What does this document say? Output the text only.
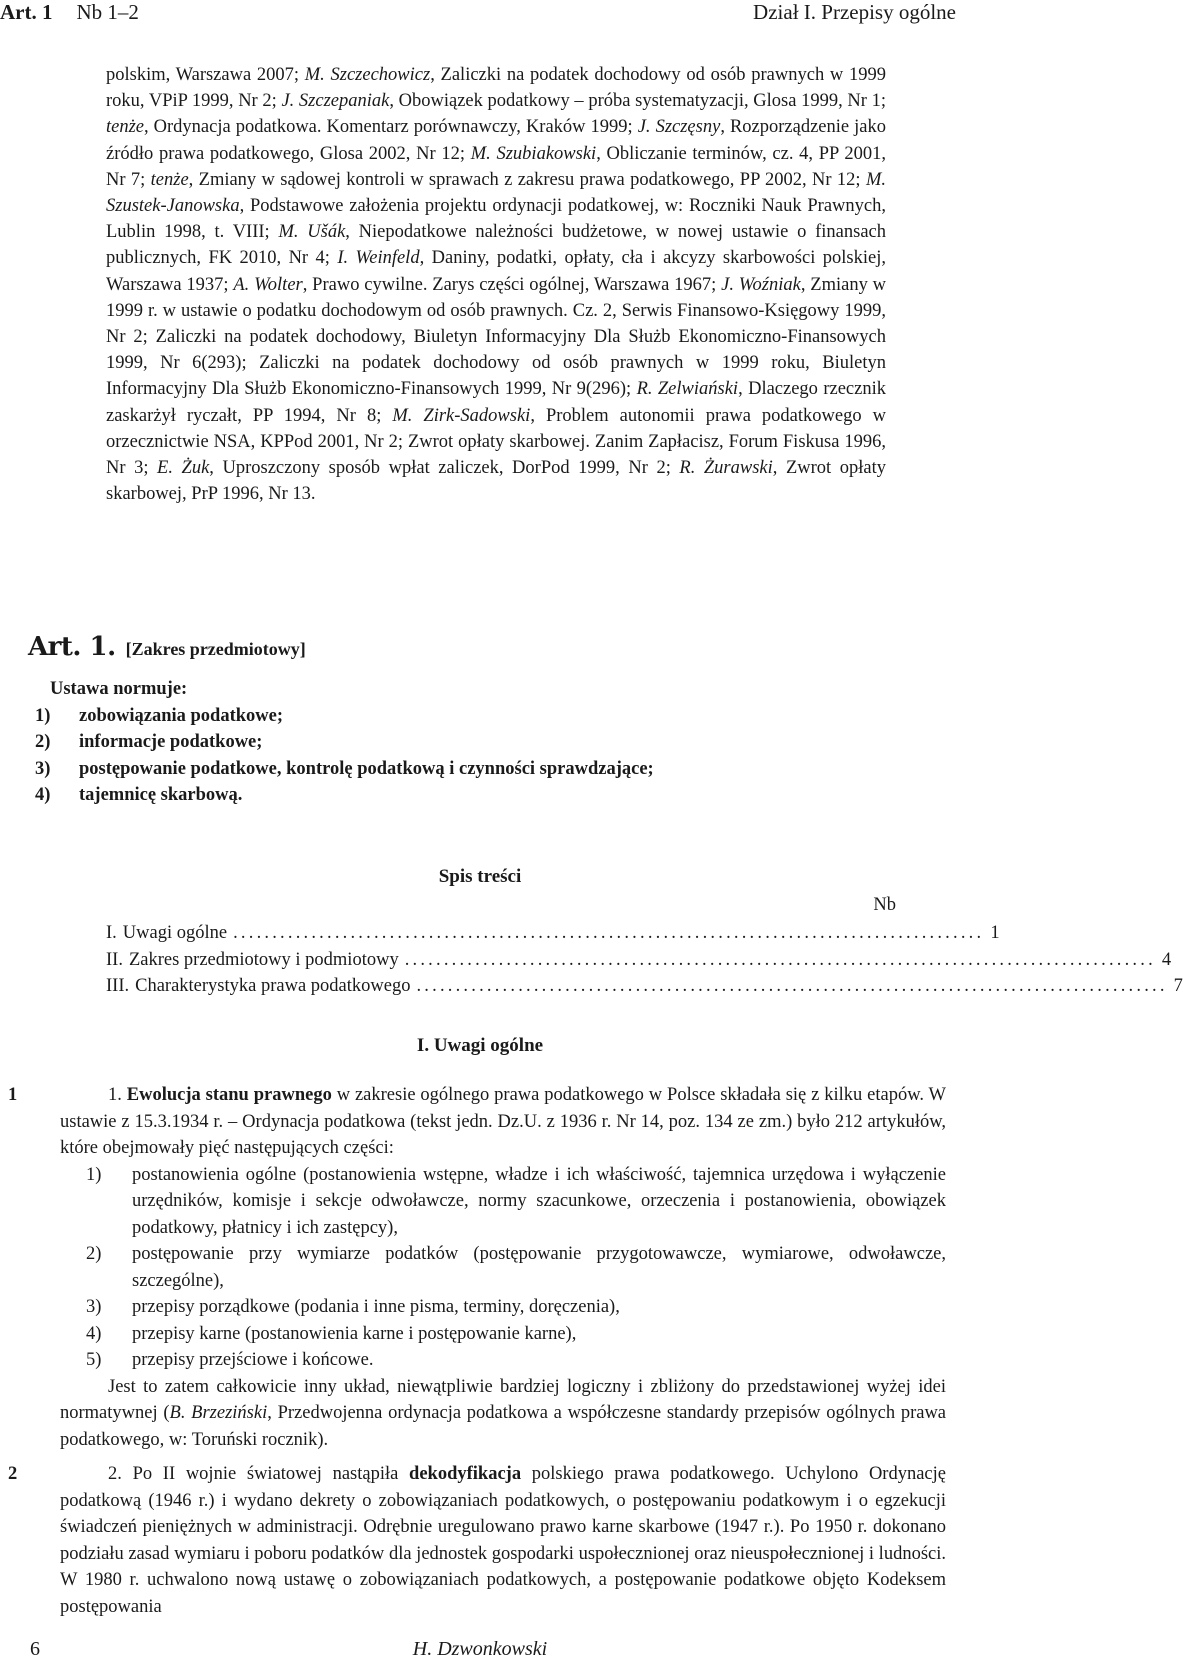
Art. 1 Nb 1–2	Dział I. Przepisy ogólne

polskim, Warszawa 2007; M. Szczechowicz, Zaliczki na podatek dochodowy od osób prawnych w 1999 roku, VPiP 1999, Nr 2; J. Szczepaniak, Obowiązek podatkowy – próba systematyzacji, Glosa 1999, Nr 1; tenże, Ordynacja podatkowa. Komentarz porównawczy, Kraków 1999; J. Szczęsny, Rozporządzenie jako źródło prawa podatkowego, Glosa 2002, Nr 12; M. Szubiakowski, Obliczanie terminów, cz. 4, PP 2001, Nr 7; tenże, Zmiany w sądowej kontroli w sprawach z zakresu prawa podatkowego, PP 2002, Nr 12; M. Szustek-Janowska, Podstawowe założenia projektu ordynacji podatkowej, w: Roczniki Nauk Prawnych, Lublin 1998, t. VIII; M. Ušák, Niepodatkowe należności budżetowe, w nowej ustawie o finansach publicznych, FK 2010, Nr 4; I. Weinfeld, Daniny, podatki, opłaty, cła i akcyzy skarbowości polskiej, Warszawa 1937; A. Wolter, Prawo cywilne. Zarys części ogólnej, Warszawa 1967; J. Woźniak, Zmiany w 1999 r. w ustawie o podatku dochodowym od osób prawnych. Cz. 2, Serwis Finansowo-Księgowy 1999, Nr 2; Zaliczki na podatek dochodowy, Biuletyn Informacyjny Dla Służb Ekonomiczno-Finansowych 1999, Nr 6(293); Zaliczki na podatek dochodowy od osób prawnych w 1999 roku, Biuletyn Informacyjny Dla Służb Ekonomiczno-Finansowych 1999, Nr 9(296); R. Zelwiański, Dlaczego rzecznik zaskarżył ryczałt, PP 1994, Nr 8; M. Zirk-Sadowski, Problem autonomii prawa podatkowego w orzecznictwie NSA, KPPod 2001, Nr 2; Zwrot opłaty skarbowej. Zanim Zapłacisz, Forum Fiskusa 1996, Nr 3; E. Żuk, Uproszczony sposób wpłat zaliczek, DorPod 1999, Nr 2; R. Żurawski, Zwrot opłaty skarbowej, PrP 1996, Nr 13.

Art. 1. [Zakres przedmiotowy]
Ustawa normuje:
1)	zobowiązania podatkowe;
2)	informacje podatkowe;
3)	postępowanie podatkowe, kontrolę podatkową i czynności sprawdzające;
4)	tajemnicę skarbową.
Spis treści
Nb
I. Uwagi ogólne ................................................................................................ 1
II. Zakres przedmiotowy i podmiotowy ................................................................................................ 4
III. Charakterystyka prawa podatkowego ................................................................................................ 7
I. Uwagi ogólne
1	1. Ewolucja stanu prawnego w zakresie ogólnego prawa podatkowego w Polsce składała się z kilku etapów. W ustawie z 15.3.1934 r. – Ordynacja podatkowa (tekst jedn. Dz.U. z 1936 r. Nr 14, poz. 134 ze zm.) było 212 artykułów, które obejmowały pięć następujących części:

1)	postanowienia ogólne (postanowienia wstępne, władze i ich właściwość, tajemnica urzędowa i wyłączenie urzędników, komisje i sekcje odwoławcze, normy szacunkowe, orzeczenia i postanowienia, obowiązek podatkowy, płatnicy i ich zastępcy),
2)	postępowanie przy wymiarze podatków (postępowanie przygotowawcze, wymiarowe, odwoławcze, szczególne),
3)	przepisy porządkowe (podania i inne pisma, terminy, doręczenia),
4)	przepisy karne (postanowienia karne i postępowanie karne),
5)	przepisy przejściowe i końcowe.

Jest to zatem całkowicie inny układ, niewątpliwie bardziej logiczny i zbliżony do przedstawionej wyżej idei normatywnej (B. Brzeziński, Przedwojenna ordynacja podatkowa a współczesne standardy przepisów ogólnych prawa podatkowego, w: Toruński rocznik).

2	2. Po II wojnie światowej nastąpiła dekodyfikacja polskiego prawa podatkowego. Uchylono Ordynację podatkową (1946 r.) i wydano dekrety o zobowiązaniach podatkowych, o postępowaniu podatkowym i o egzekucji świadczeń pieniężnych w administracji. Odrębnie uregulowano prawo karne skarbowe (1947 r.). Po 1950 r. dokonano podziału zasad wymiaru i poboru podatków dla jednostek gospodarki uspołecznionej oraz nieuspołecznionej i ludności. W 1980 r. uchwalono nową ustawę o zobowiązaniach podatkowych, a postępowanie podatkowe objęto Kodeksem postępowania

6	H. Dzwonkowski
